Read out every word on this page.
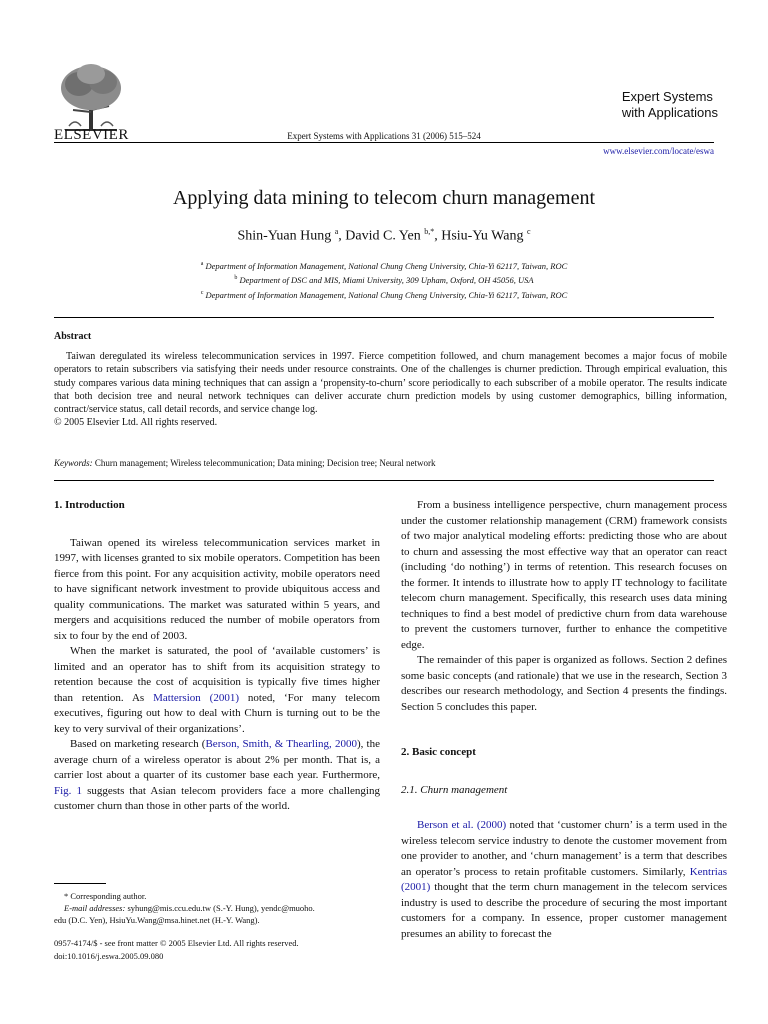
ELSEVIER	Expert Systems with Applications 31 (2006) 515–524
Expert Systems
with Applications
www.elsevier.com/locate/eswa
Applying data mining to telecom churn management
Shin-Yuan Hung $^a$, David C. Yen $^{b,*}$, Hsiu-Yu Wang $^c$
$^a$ Department of Information Management, National Chung Cheng University, Chia-Yi 62117, Taiwan, ROC
$^b$ Department of DSC and MIS, Miami University, 309 Upham, Oxford, OH 45056, USA
$^c$ Department of Information Management, National Chung Cheng University, Chia-Yi 62117, Taiwan, ROC
Abstract
Taiwan deregulated its wireless telecommunication services in 1997. Fierce competition followed, and churn management becomes a major focus of mobile operators to retain subscribers via satisfying their needs under resource constraints. One of the challenges is churner prediction. Through empirical evaluation, this study compares various data mining techniques that can assign a ‘propensity-to-churn’ score periodically to each subscriber of a mobile operator. The results indicate that both decision tree and neural network techniques can deliver accurate churn prediction models by using customer demographics, billing information, contract/service status, call detail records, and service change log.
© 2005 Elsevier Ltd. All rights reserved.
Keywords: Churn management; Wireless telecommunication; Data mining; Decision tree; Neural network
1. Introduction

Taiwan opened its wireless telecommunication services market in 1997, with licenses granted to six mobile operators. Competition has been fierce from this point. For any acquisition activity, mobile operators need to have significant network investment to provide ubiquitous access and quality communications. The market was saturated within 5 years, and mergers and acquisitions reduced the number of mobile operators from six to four by the end of 2003.

When the market is saturated, the pool of ‘available customers’ is limited and an operator has to shift from its acquisition strategy to retention because the cost of acquisition is typically five times higher than retention. As Mattersion (2001) noted, ‘For many telecom executives, figuring out how to deal with Churn is turning out to be the key to very survival of their organizations’.

Based on marketing research (Berson, Smith, & Thearling, 2000), the average churn of a wireless operator is about 2% per month. That is, a carrier lost about a quarter of its customer base each year. Furthermore, Fig. 1 suggests that Asian telecom providers face a more challenging customer churn than those in other parts of the world.

From a business intelligence perspective, churn management process under the customer relationship management (CRM) framework consists of two major analytical modeling efforts: predicting those who are about to churn and assessing the most effective way that an operator can react (including ‘do nothing’) in terms of retention. This research focuses on the former. It intends to illustrate how to apply IT technology to facilitate telecom churn management. Specifically, this research uses data mining techniques to find a best model of predictive churn from data warehouse to prevent the customers turnover, further to enhance the competitive edge.

The remainder of this paper is organized as follows. Section 2 defines some basic concepts (and rationale) that we use in the research, Section 3 describes our research methodology, and Section 4 presents the findings. Section 5 concludes this paper.

2. Basic concept
2.1. Churn management

Berson et al. (2000) noted that ‘customer churn’ is a term used in the wireless telecom service industry to denote the customer movement from one provider to another, and ‘churn management’ is a term that describes an operator’s process to retain profitable customers. Similarly, Kentrias (2001) thought that the term churn management in the telecom services industry is used to describe the procedure of securing the most important customers for a company. In essence, proper customer management presumes an ability to forecast the

* Corresponding author.
E-mail addresses: syhung@mis.ccu.edu.tw (S.-Y. Hung), yendc@muoho.
edu (D.C. Yen), HsiuYu.Wang@msa.hinet.net (H.-Y. Wang).
0957-4174/$ - see front matter © 2005 Elsevier Ltd. All rights reserved.
doi:10.1016/j.eswa.2005.09.080
